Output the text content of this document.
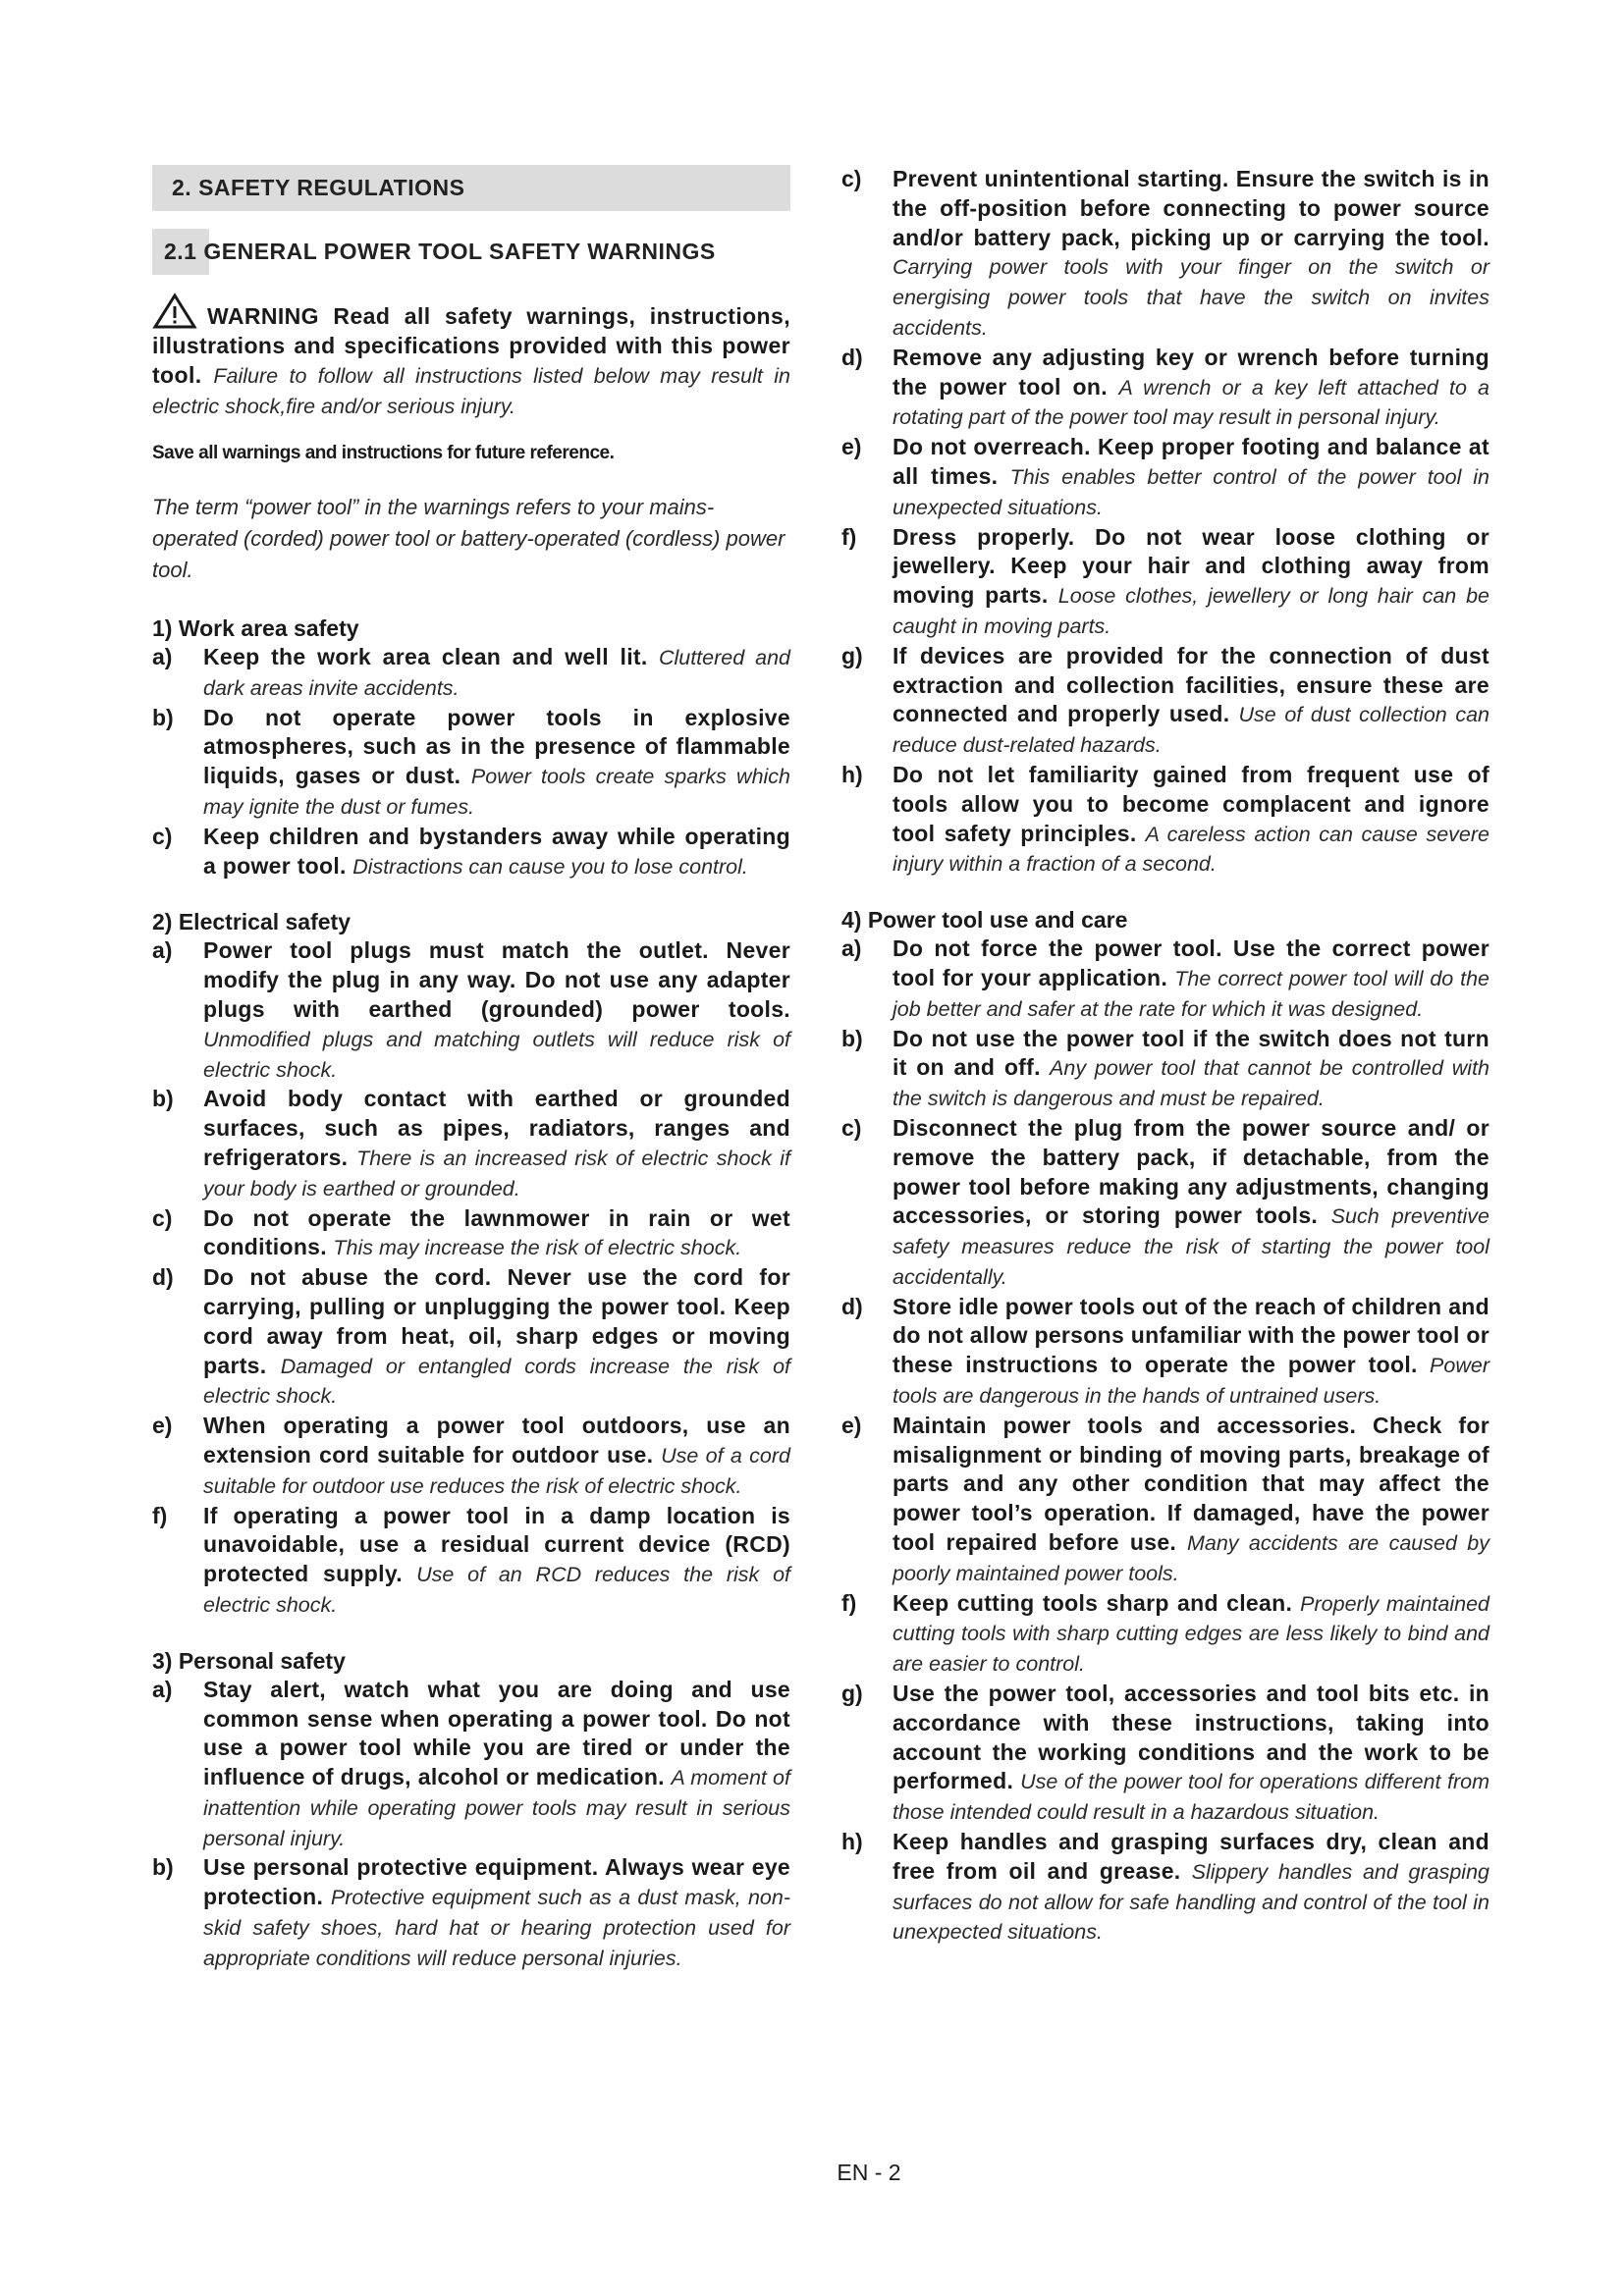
2. SAFETY REGULATIONS
2.1 GENERAL POWER TOOL SAFETY WARNINGS
WARNING Read all safety warnings, instructions, illustrations and specifications provided with this power tool. Failure to follow all instructions listed below may result in electric shock,fire and/or serious injury.
Save all warnings and instructions for future reference.
The term “power tool” in the warnings refers to your mains-operated (corded) power tool or battery-operated (cordless) power tool.

1) Work area safety

a)	Keep the work area clean and well lit. Cluttered and dark areas invite accidents.
b)	Do not operate power tools in explosive atmospheres, such as in the presence of flammable liquids, gases or dust. Power tools create sparks which may ignite the dust or fumes.
c)	Keep children and bystanders away while operating a power tool. Distractions can cause you to lose control.

2) Electrical safety

a)	Power tool plugs must match the outlet. Never modify the plug in any way. Do not use any adapter plugs with earthed (grounded) power tools. Unmodified plugs and matching outlets will reduce risk of electric shock.
b)	Avoid body contact with earthed or grounded surfaces, such as pipes, radiators, ranges and refrigerators. There is an increased risk of electric shock if your body is earthed or grounded.
c)	Do not operate the lawnmower in rain or wet conditions. This may increase the risk of electric shock.
d)	Do not abuse the cord. Never use the cord for carrying, pulling or unplugging the power tool. Keep cord away from heat, oil, sharp edges or moving parts. Damaged or entangled cords increase the risk of electric shock.
e)	When operating a power tool outdoors, use an extension cord suitable for outdoor use. Use of a cord suitable for outdoor use reduces the risk of electric shock.
f)	If operating a power tool in a damp location is unavoidable, use a residual current device (RCD) protected supply. Use of an RCD reduces the risk of electric shock.

3) Personal safety

a)	Stay alert, watch what you are doing and use common sense when operating a power tool. Do not use a power tool while you are tired or under the influence of drugs, alcohol or medication. A moment of inattention while operating power tools may result in serious personal injury.
b)	Use personal protective equipment. Always wear eye protection. Protective equipment such as a dust mask, non-skid safety shoes, hard hat or hearing protection used for appropriate conditions will reduce personal injuries.
c)	Prevent unintentional starting. Ensure the switch is in the off-position before connecting to power source and/or battery pack, picking up or carrying the tool. Carrying power tools with your finger on the switch or energising power tools that have the switch on invites accidents.
d)	Remove any adjusting key or wrench before turning the power tool on. A wrench or a key left attached to a rotating part of the power tool may result in personal injury.
e)	Do not overreach. Keep proper footing and balance at all times. This enables better control of the power tool in unexpected situations.
f)	Dress properly. Do not wear loose clothing or jewellery. Keep your hair and clothing away from moving parts. Loose clothes, jewellery or long hair can be caught in moving parts.
g)	If devices are provided for the connection of dust extraction and collection facilities, ensure these are connected and properly used. Use of dust collection can reduce dust-related hazards.
h)	Do not let familiarity gained from frequent use of tools allow you to become complacent and ignore tool safety principles. A careless action can cause severe injury within a fraction of a second.

4) Power tool use and care

a)	Do not force the power tool. Use the correct power tool for your application. The correct power tool will do the job better and safer at the rate for which it was designed.
b)	Do not use the power tool if the switch does not turn it on and off. Any power tool that cannot be controlled with the switch is dangerous and must be repaired.
c)	Disconnect the plug from the power source and/ or remove the battery pack, if detachable, from the power tool before making any adjustments, changing accessories, or storing power tools. Such preventive safety measures reduce the risk of starting the power tool accidentally.
d)	Store idle power tools out of the reach of children and do not allow persons unfamiliar with the power tool or these instructions to operate the power tool. Power tools are dangerous in the hands of untrained users.
e)	Maintain power tools and accessories. Check for misalignment or binding of moving parts, breakage of parts and any other condition that may affect the power tool’s operation. If damaged, have the power tool repaired before use. Many accidents are caused by poorly maintained power tools.
f)	Keep cutting tools sharp and clean. Properly maintained cutting tools with sharp cutting edges are less likely to bind and are easier to control.
g)	Use the power tool, accessories and tool bits etc. in accordance with these instructions, taking into account the working conditions and the work to be performed. Use of the power tool for operations different from those intended could result in a hazardous situation.
h)	Keep handles and grasping surfaces dry, clean and free from oil and grease. Slippery handles and grasping surfaces do not allow for safe handling and control of the tool in unexpected situations.
EN - 2
